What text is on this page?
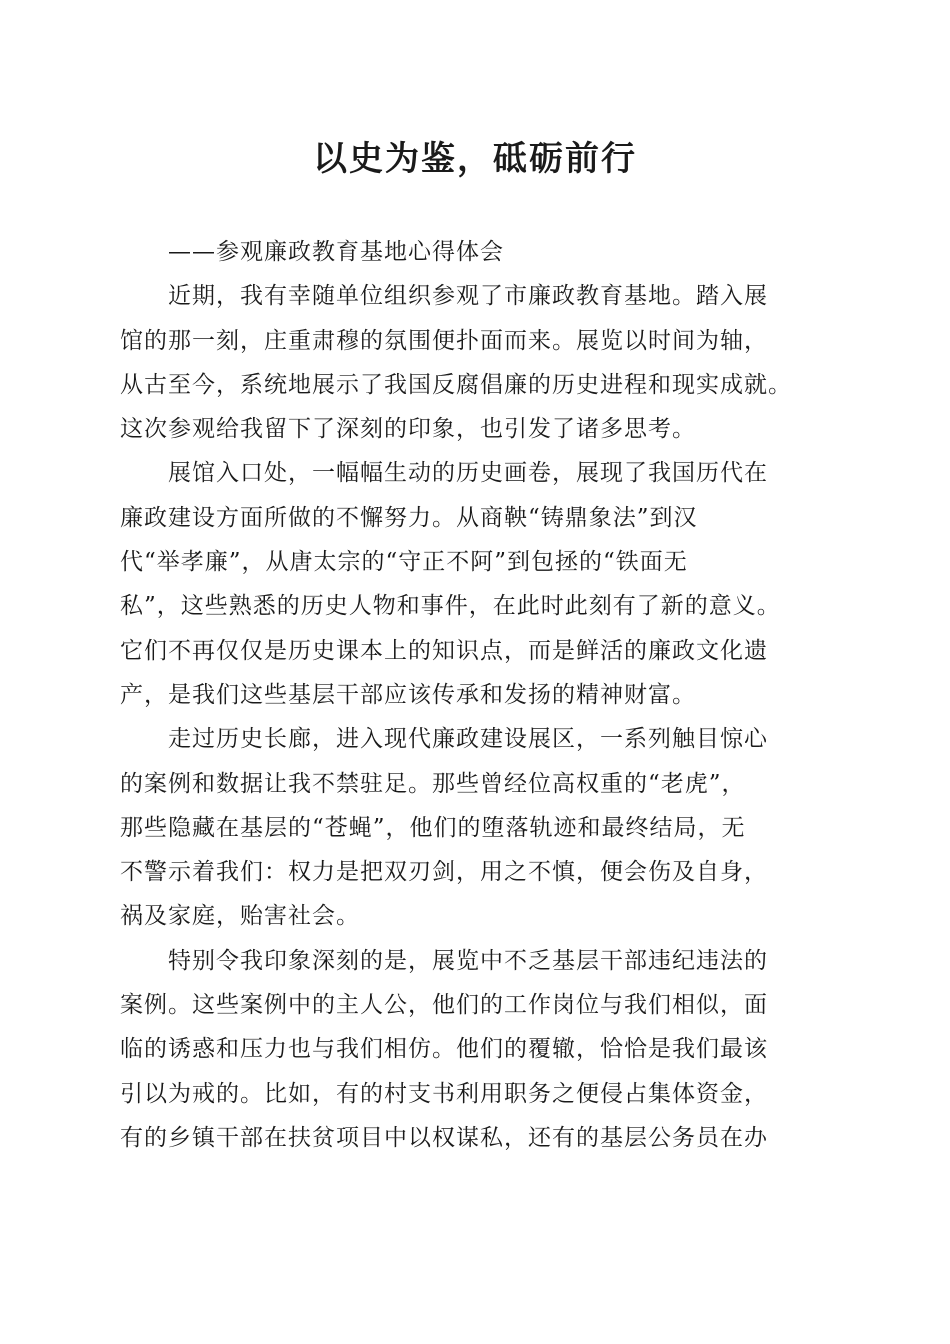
以史为鉴，砥砺前行

——参观廉政教育基地心得体会

近期，我有幸随单位组织参观了市廉政教育基地。踏入展

馆的那一刻，庄重肃穆的氛围便扑面而来。展览以时间为轴，

从古至今，系统地展示了我国反腐倡廉的历史进程和现实成就。

这次参观给我留下了深刻的印象，也引发了诸多思考。

展馆入口处，一幅幅生动的历史画卷，展现了我国历代在

廉政建设方面所做的不懈努力。从商鞅“铸鼎象法”到汉

代“举孝廉”，从唐太宗的“守正不阿”到包拯的“铁面无

私”，这些熟悉的历史人物和事件，在此时此刻有了新的意义。

它们不再仅仅是历史课本上的知识点，而是鲜活的廉政文化遗

产，是我们这些基层干部应该传承和发扬的精神财富。

走过历史长廊，进入现代廉政建设展区，一系列触目惊心

的案例和数据让我不禁驻足。那些曾经位高权重的“老虎”，

那些隐藏在基层的“苍蝇”，他们的堕落轨迹和最终结局，无

不警示着我们：权力是把双刃剑，用之不慎，便会伤及自身，

祸及家庭，贻害社会。

特别令我印象深刻的是，展览中不乏基层干部违纪违法的

案例。这些案例中的主人公，他们的工作岗位与我们相似，面

临的诱惑和压力也与我们相仿。他们的覆辙，恰恰是我们最该

引以为戒的。比如，有的村支书利用职务之便侵占集体资金，

有的乡镇干部在扶贫项目中以权谋私，还有的基层公务员在办
